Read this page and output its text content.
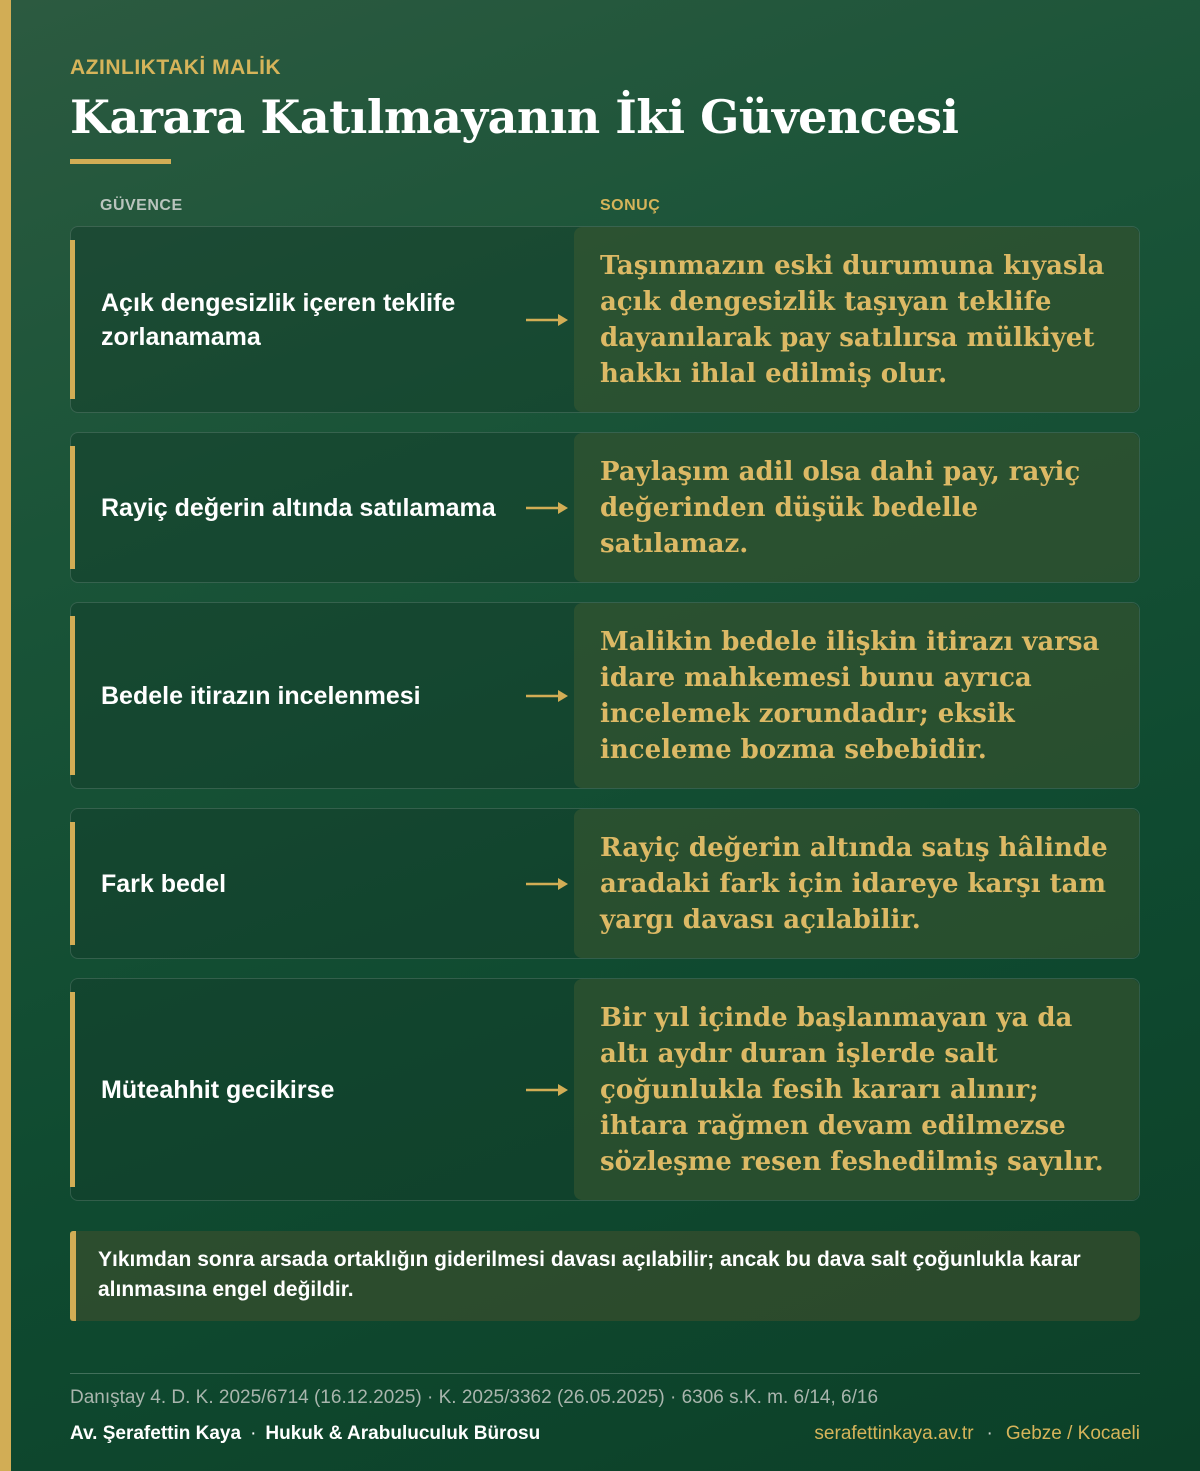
AZINLIKTAKİ MALİK
Karara Katılmayanın İki Güvencesi
GÜVENCE	SONUÇ
Açık dengesizlik içeren teklife zorlanamama
Taşınmazın eski durumuna kıyasla açık dengesizlik taşıyan teklife dayanılarak pay satılırsa mülkiyet hakkı ihlal edilmiş olur.
Rayiç değerin altında satılamama
Paylaşım adil olsa dahi pay, rayiç değerinden düşük bedelle satılamaz.
Bedele itirazın incelenmesi
Malikin bedele ilişkin itirazı varsa idare mahkemesi bunu ayrıca incelemek zorundadır; eksik inceleme bozma sebebidir.
Fark bedel
Rayiç değerin altında satış hâlinde aradaki fark için idareye karşı tam yargı davası açılabilir.
Müteahhit gecikirse
Bir yıl içinde başlanmayan ya da altı aydır duran işlerde salt çoğunlukla fesih kararı alınır; ihtara rağmen devam edilmezse sözleşme resen feshedilmiş sayılır.
Yıkımdan sonra arsada ortaklığın giderilmesi davası açılabilir; ancak bu dava salt çoğunlukla karar alınmasına engel değildir.
Danıştay 4. D. K. 2025/6714 (16.12.2025) · K. 2025/3362 (26.05.2025) · 6306 s.K. m. 6/14, 6/16
Av. Şerafettin Kaya · Hukuk & Arabuluculuk Bürosu	serafettinkaya.av.tr · Gebze / Kocaeli
